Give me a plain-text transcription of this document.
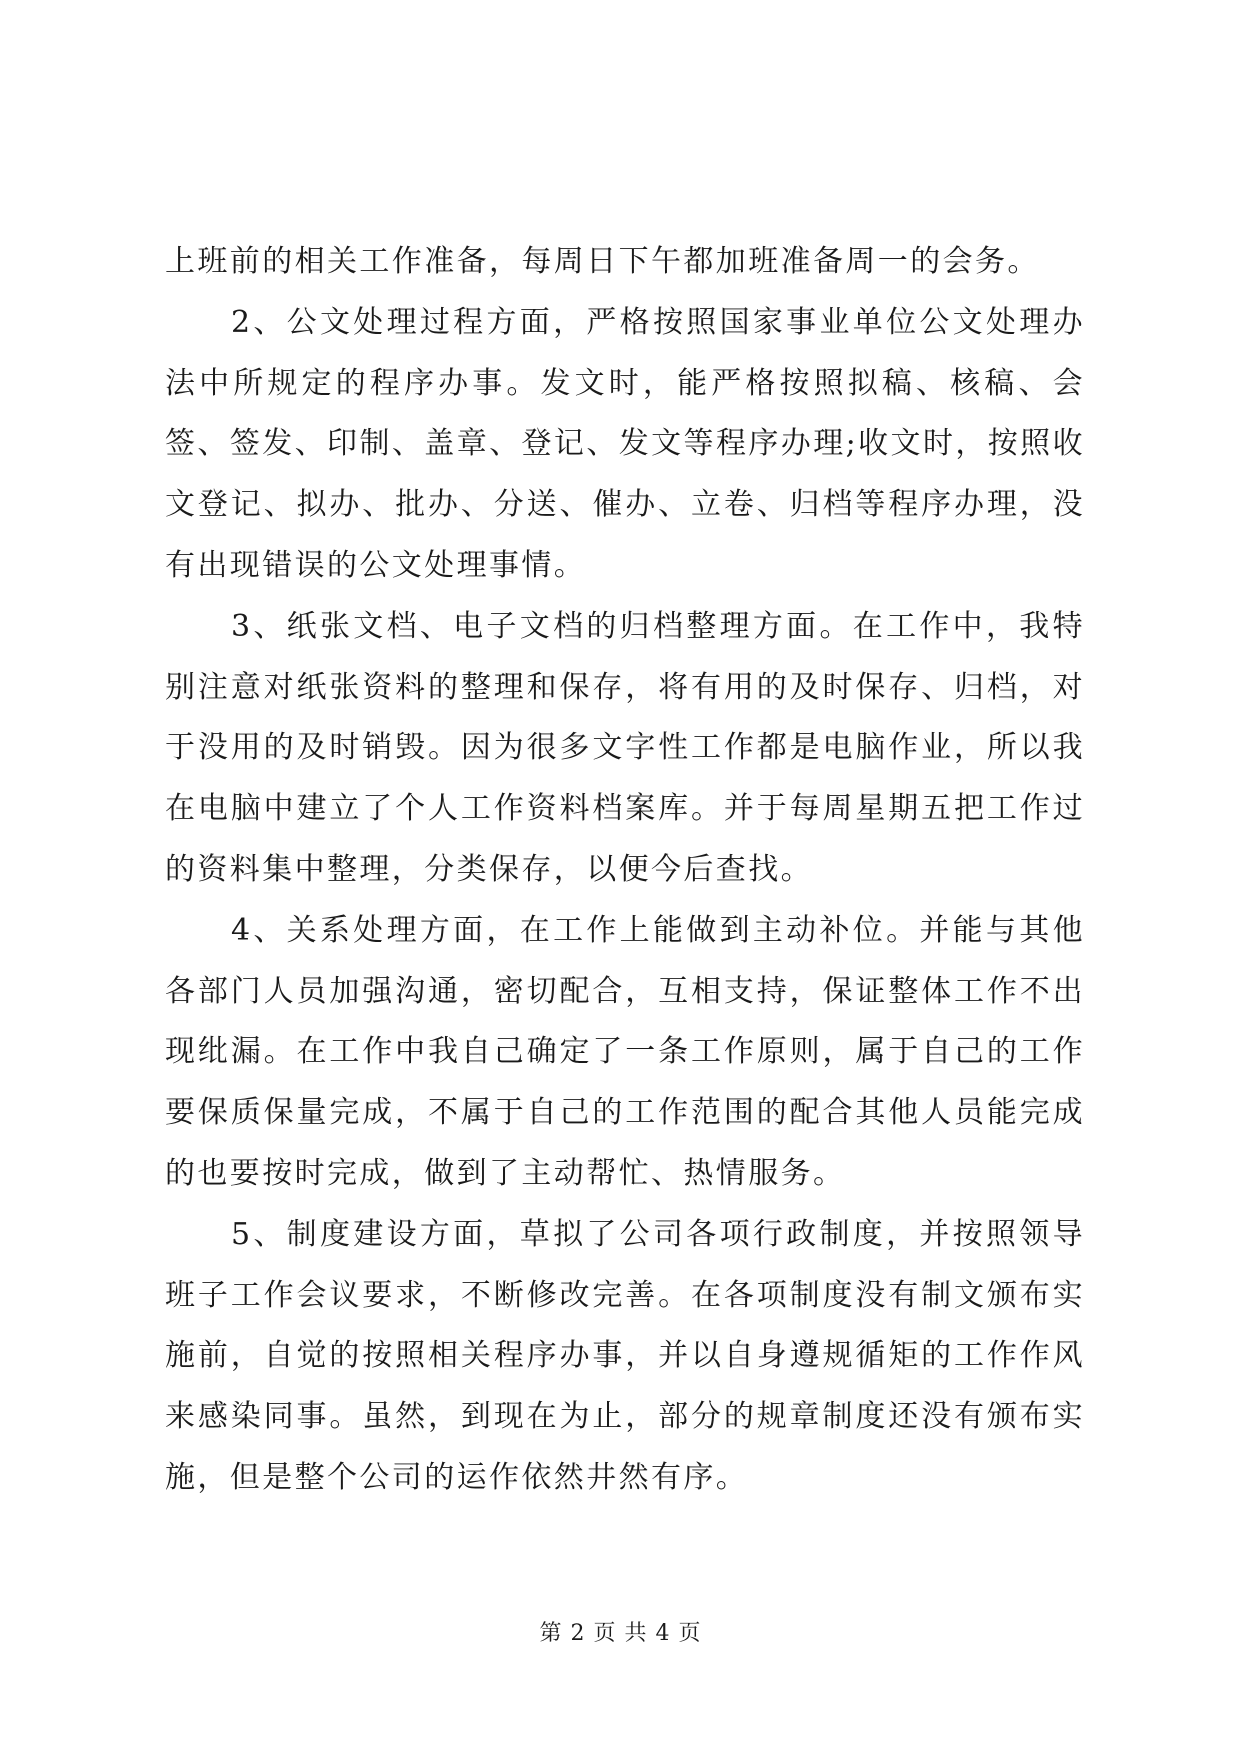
上班前的相关工作准备，每周日下午都加班准备周一的会务。

2、公文处理过程方面，严格按照国家事业单位公文处理办法中所规定的程序办事。发文时，能严格按照拟稿、核稿、会签、签发、印制、盖章、登记、发文等程序办理;收文时，按照收文登记、拟办、批办、分送、催办、立卷、归档等程序办理，没有出现错误的公文处理事情。

3、纸张文档、电子文档的归档整理方面。在工作中，我特别注意对纸张资料的整理和保存，将有用的及时保存、归档，对于没用的及时销毁。因为很多文字性工作都是电脑作业，所以我在电脑中建立了个人工作资料档案库。并于每周星期五把工作过的资料集中整理，分类保存，以便今后查找。

4、关系处理方面，在工作上能做到主动补位。并能与其他各部门人员加强沟通，密切配合，互相支持，保证整体工作不出现纰漏。在工作中我自己确定了一条工作原则，属于自己的工作要保质保量完成，不属于自己的工作范围的配合其他人员能完成的也要按时完成，做到了主动帮忙、热情服务。

5、制度建设方面，草拟了公司各项行政制度，并按照领导班子工作会议要求，不断修改完善。在各项制度没有制文颁布实施前，自觉的按照相关程序办事，并以自身遵规循矩的工作作风来感染同事。虽然，到现在为止，部分的规章制度还没有颁布实施，但是整个公司的运作依然井然有序。

第 2 页 共 4 页
